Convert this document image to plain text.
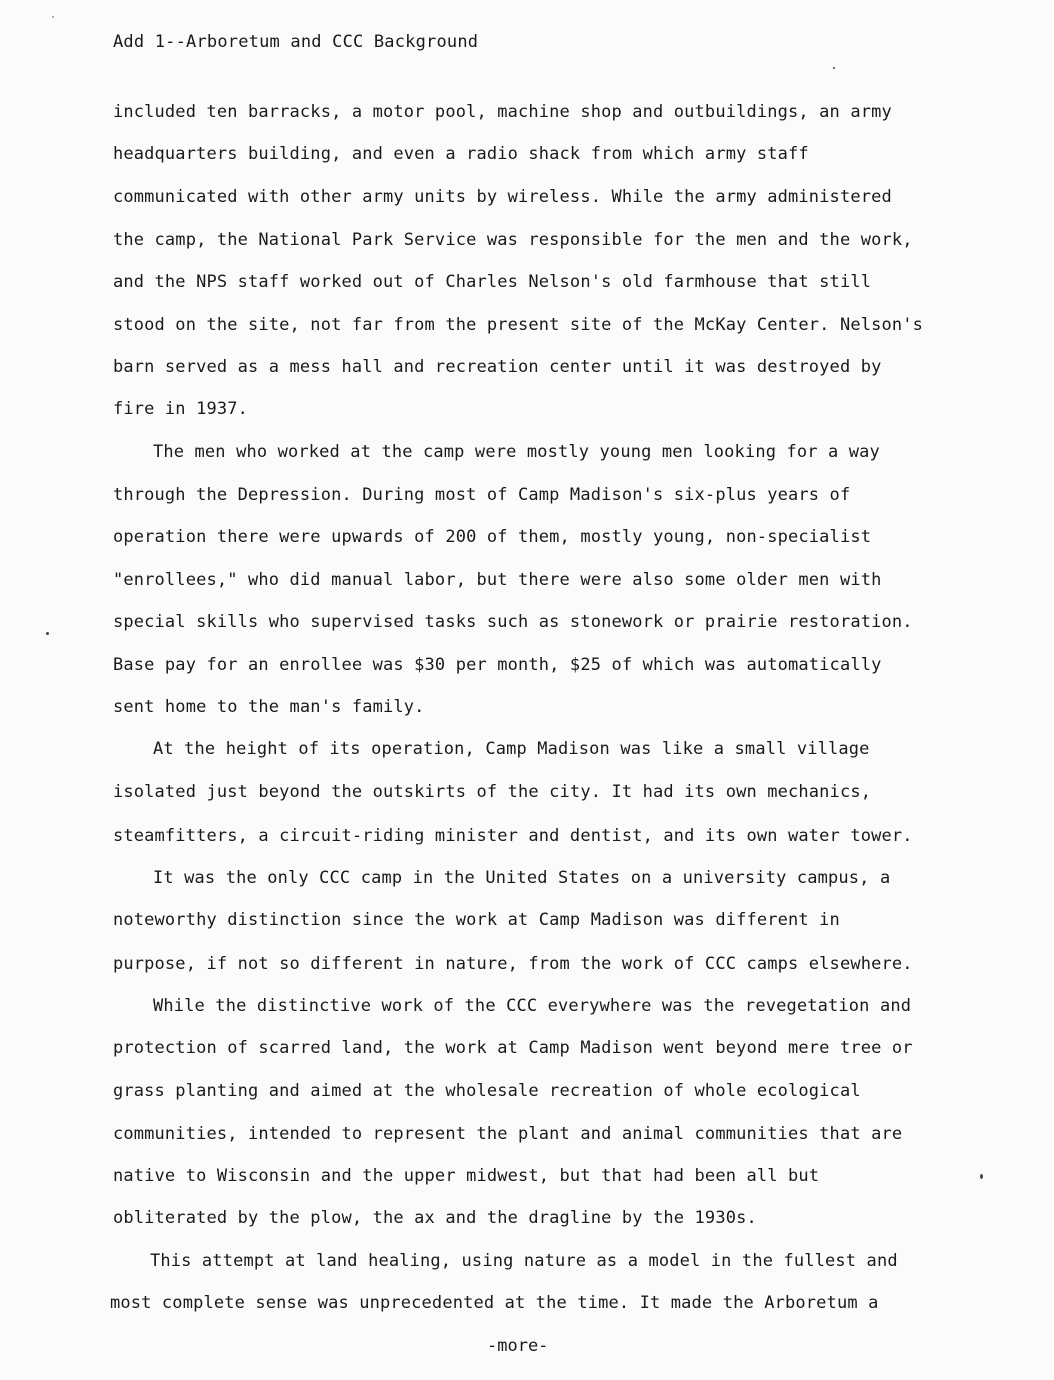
Add 1--Arboretum and CCC Background
included ten barracks, a motor pool, machine shop and outbuildings, an army
headquarters building, and even a radio shack from which army staff
communicated with other army units by wireless. While the army administered
the camp, the National Park Service was responsible for the men and the work,
and the NPS staff worked out of Charles Nelson's old farmhouse that still
stood on the site, not far from the present site of the McKay Center. Nelson's
barn served as a mess hall and recreation center until it was destroyed by
fire in 1937.
The men who worked at the camp were mostly young men looking for a way
through the Depression. During most of Camp Madison's six-plus years of
operation there were upwards of 200 of them, mostly young, non-specialist
"enrollees," who did manual labor, but there were also some older men with
special skills who supervised tasks such as stonework or prairie restoration.
Base pay for an enrollee was $30 per month, $25 of which was automatically
sent home to the man's family.
At the height of its operation, Camp Madison was like a small village
isolated just beyond the outskirts of the city. It had its own mechanics,
steamfitters, a circuit-riding minister and dentist, and its own water tower.
It was the only CCC camp in the United States on a university campus, a
noteworthy distinction since the work at Camp Madison was different in
purpose, if not so different in nature, from the work of CCC camps elsewhere.
While the distinctive work of the CCC everywhere was the revegetation and
protection of scarred land, the work at Camp Madison went beyond mere tree or
grass planting and aimed at the wholesale recreation of whole ecological
communities, intended to represent the plant and animal communities that are
native to Wisconsin and the upper midwest, but that had been all but
obliterated by the plow, the ax and the dragline by the 1930s.
This attempt at land healing, using nature as a model in the fullest and
most complete sense was unprecedented at the time. It made the Arboretum a
-more-
